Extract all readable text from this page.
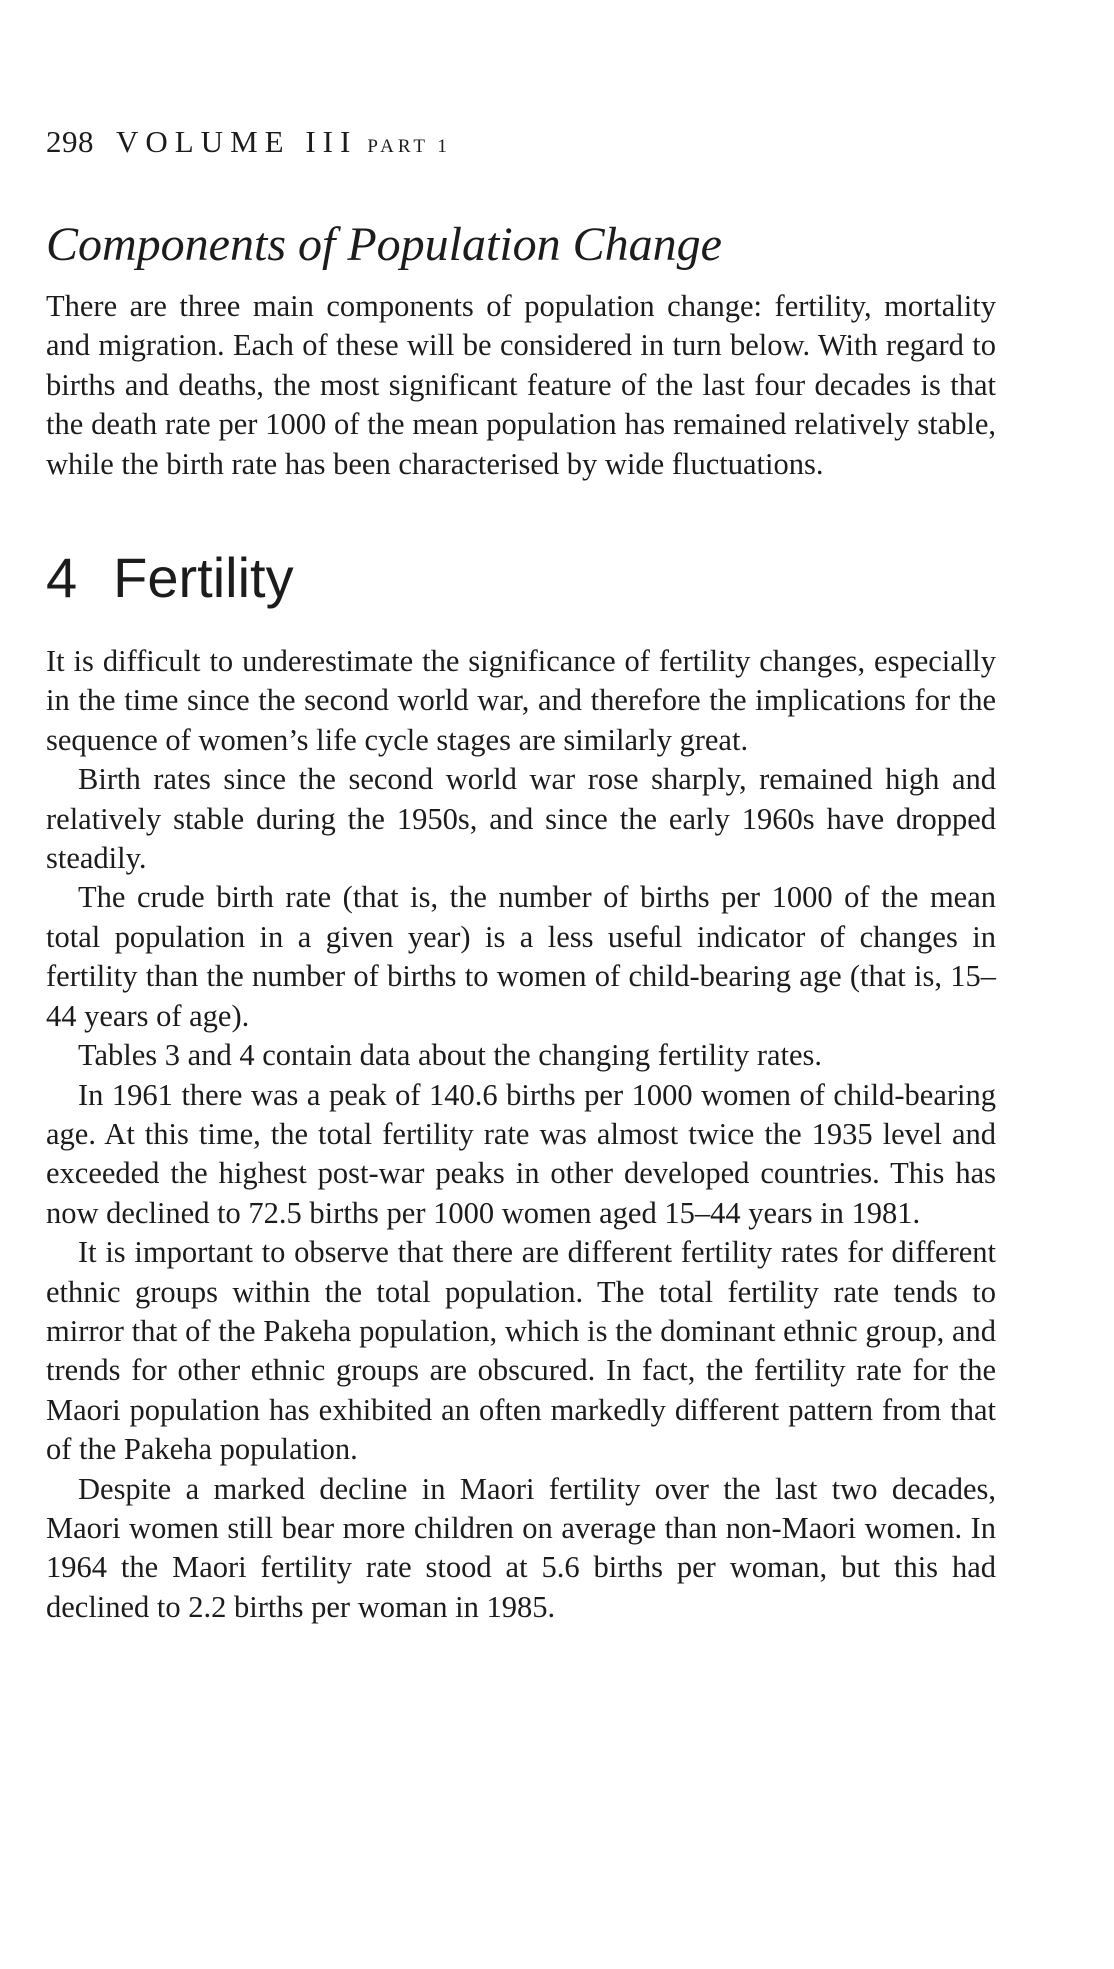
298 VOLUME III PART 1
Components of Population Change

There are three main components of population change: fertility, mortality and migration. Each of these will be considered in turn below. With regard to births and deaths, the most significant feature of the last four decades is that the death rate per 1000 of the mean population has remained relatively stable, while the birth rate has been characterised by wide fluctuations.

4 Fertility

It is difficult to underestimate the significance of fertility changes, especially in the time since the second world war, and therefore the implications for the sequence of women’s life cycle stages are similarly great.

Birth rates since the second world war rose sharply, remained high and relatively stable during the 1950s, and since the early 1960s have dropped steadily.

The crude birth rate (that is, the number of births per 1000 of the mean total population in a given year) is a less useful indicator of changes in fertility than the number of births to women of child-bearing age (that is, 15–44 years of age).

Tables 3 and 4 contain data about the changing fertility rates.

In 1961 there was a peak of 140.6 births per 1000 women of child-bearing age. At this time, the total fertility rate was almost twice the 1935 level and exceeded the highest post-war peaks in other developed countries. This has now declined to 72.5 births per 1000 women aged 15–44 years in 1981.

It is important to observe that there are different fertility rates for different ethnic groups within the total population. The total fertility rate tends to mirror that of the Pakeha population, which is the dominant ethnic group, and trends for other ethnic groups are obscured. In fact, the fertility rate for the Maori population has exhibited an often markedly different pattern from that of the Pakeha population.

Despite a marked decline in Maori fertility over the last two decades, Maori women still bear more children on average than non-Maori women. In 1964 the Maori fertility rate stood at 5.6 births per woman, but this had declined to 2.2 births per woman in 1985.
